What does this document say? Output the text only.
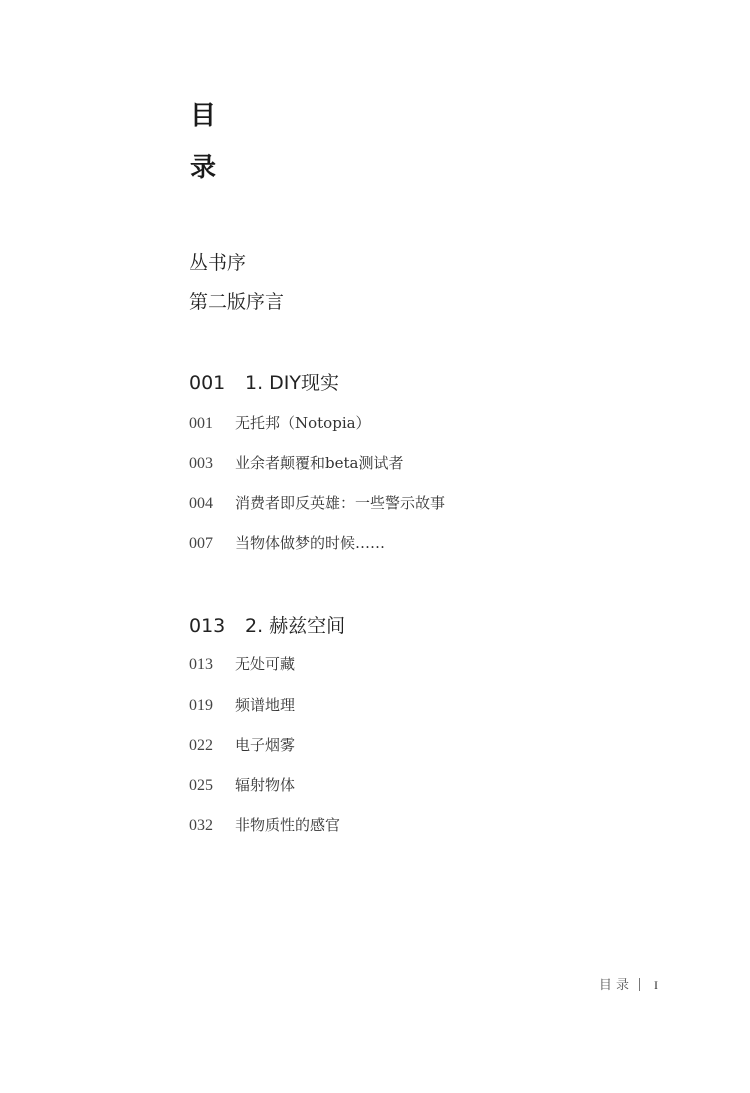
目
录
丛书序
第二版序言
001 1. DIY现实
001 无托邦（Notopia）
003 业余者颠覆和beta测试者
004 消费者即反英雄：一些警示故事
007 当物体做梦的时候……
013 2. 赫兹空间
013 无处可藏
019 频谱地理
022 电子烟雾
025 辐射物体
032 非物质性的感官
目 录 I
